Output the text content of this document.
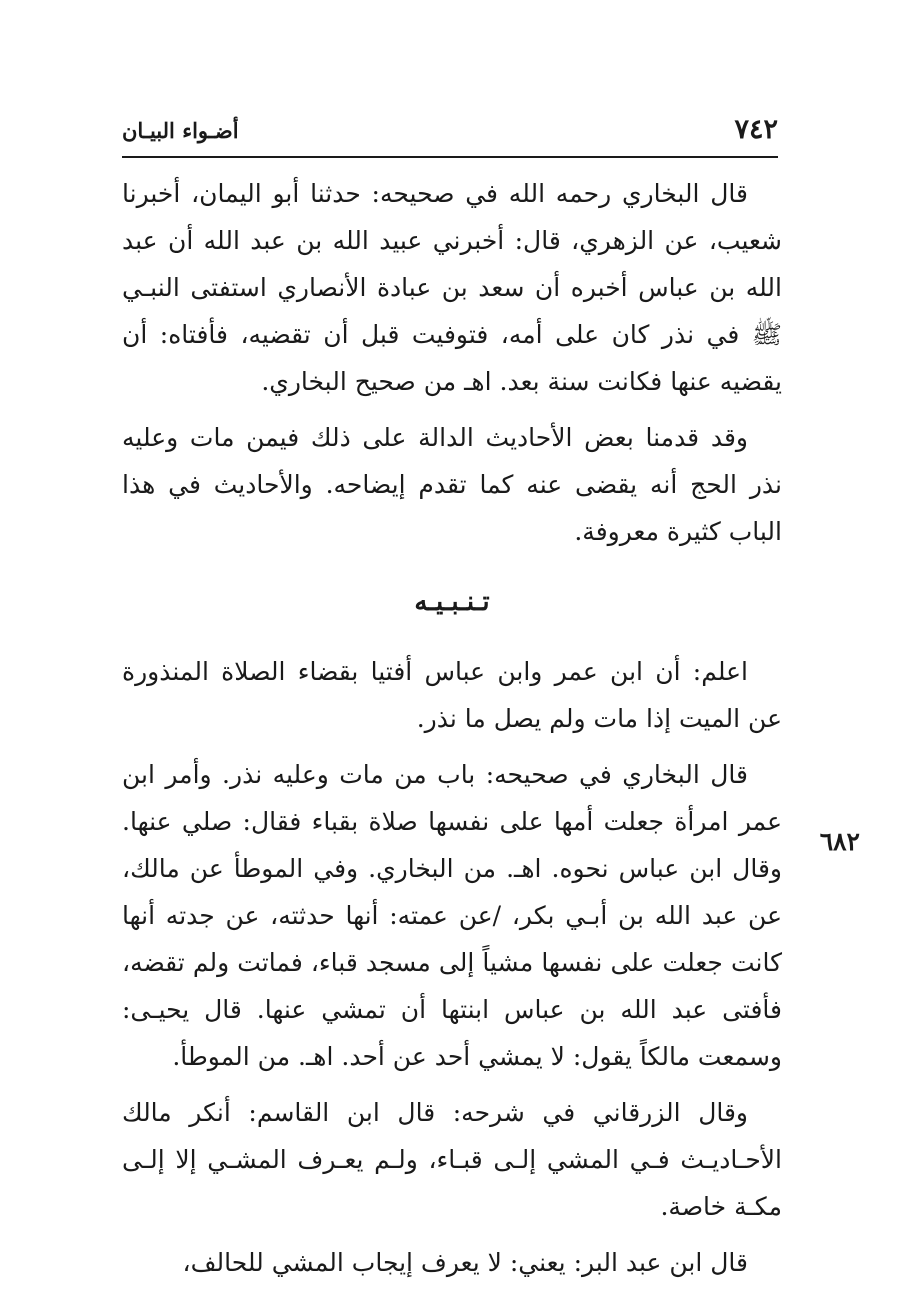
٧٤٢
أضـواء البيـان
٦٨٢

قال البخاري رحمه الله في صحيحه: حدثنا أبو اليمان، أخبرنا شعيب، عن الزهري، قال: أخبرني عبيد الله بن عبد الله أن عبد الله بن عباس أخبره أن سعد بن عبادة الأنصاري استفتى النبـي ﷺ في نذر كان على أمه، فتوفيت قبل أن تقضيه، فأفتاه: أن يقضيه عنها فكانت سنة بعد. اهـ من صحيح البخاري.

وقد قدمنا بعض الأحاديث الدالة على ذلك فيمن مات وعليه نذر الحج أنه يقضى عنه كما تقدم إيضاحه. والأحاديث في هذا الباب كثيرة معروفة.

تـنـبـيـه

اعلم: أن ابن عمر وابن عباس أفتيا بقضاء الصلاة المنذورة عن الميت إذا مات ولم يصل ما نذر.

قال البخاري في صحيحه: باب من مات وعليه نذر. وأمر ابن عمر امرأة جعلت أمها على نفسها صلاة بقباء فقال: صلي عنها. وقال ابن عباس نحوه. اهـ. من البخاري. وفي الموطأ عن مالك، عن عبد الله بن أبـي بكر، /عن عمته: أنها حدثته، عن جدته أنها كانت جعلت على نفسها مشياً إلى مسجد قباء، فماتت ولم تقضه، فأفتى عبد الله بن عباس ابنتها أن تمشي عنها. قال يحيـى: وسمعت مالكاً يقول: لا يمشي أحد عن أحد. اهـ. من الموطأ.

وقال الزرقاني في شرحه: قال ابن القاسم: أنكر مالك الأحـاديـث فـي المشي إلـى قبـاء، ولـم يعـرف المشـي إلا إلـى مكـة خاصة.

قال ابن عبد البر: يعني: لا يعرف إيجاب المشي للحالف،
